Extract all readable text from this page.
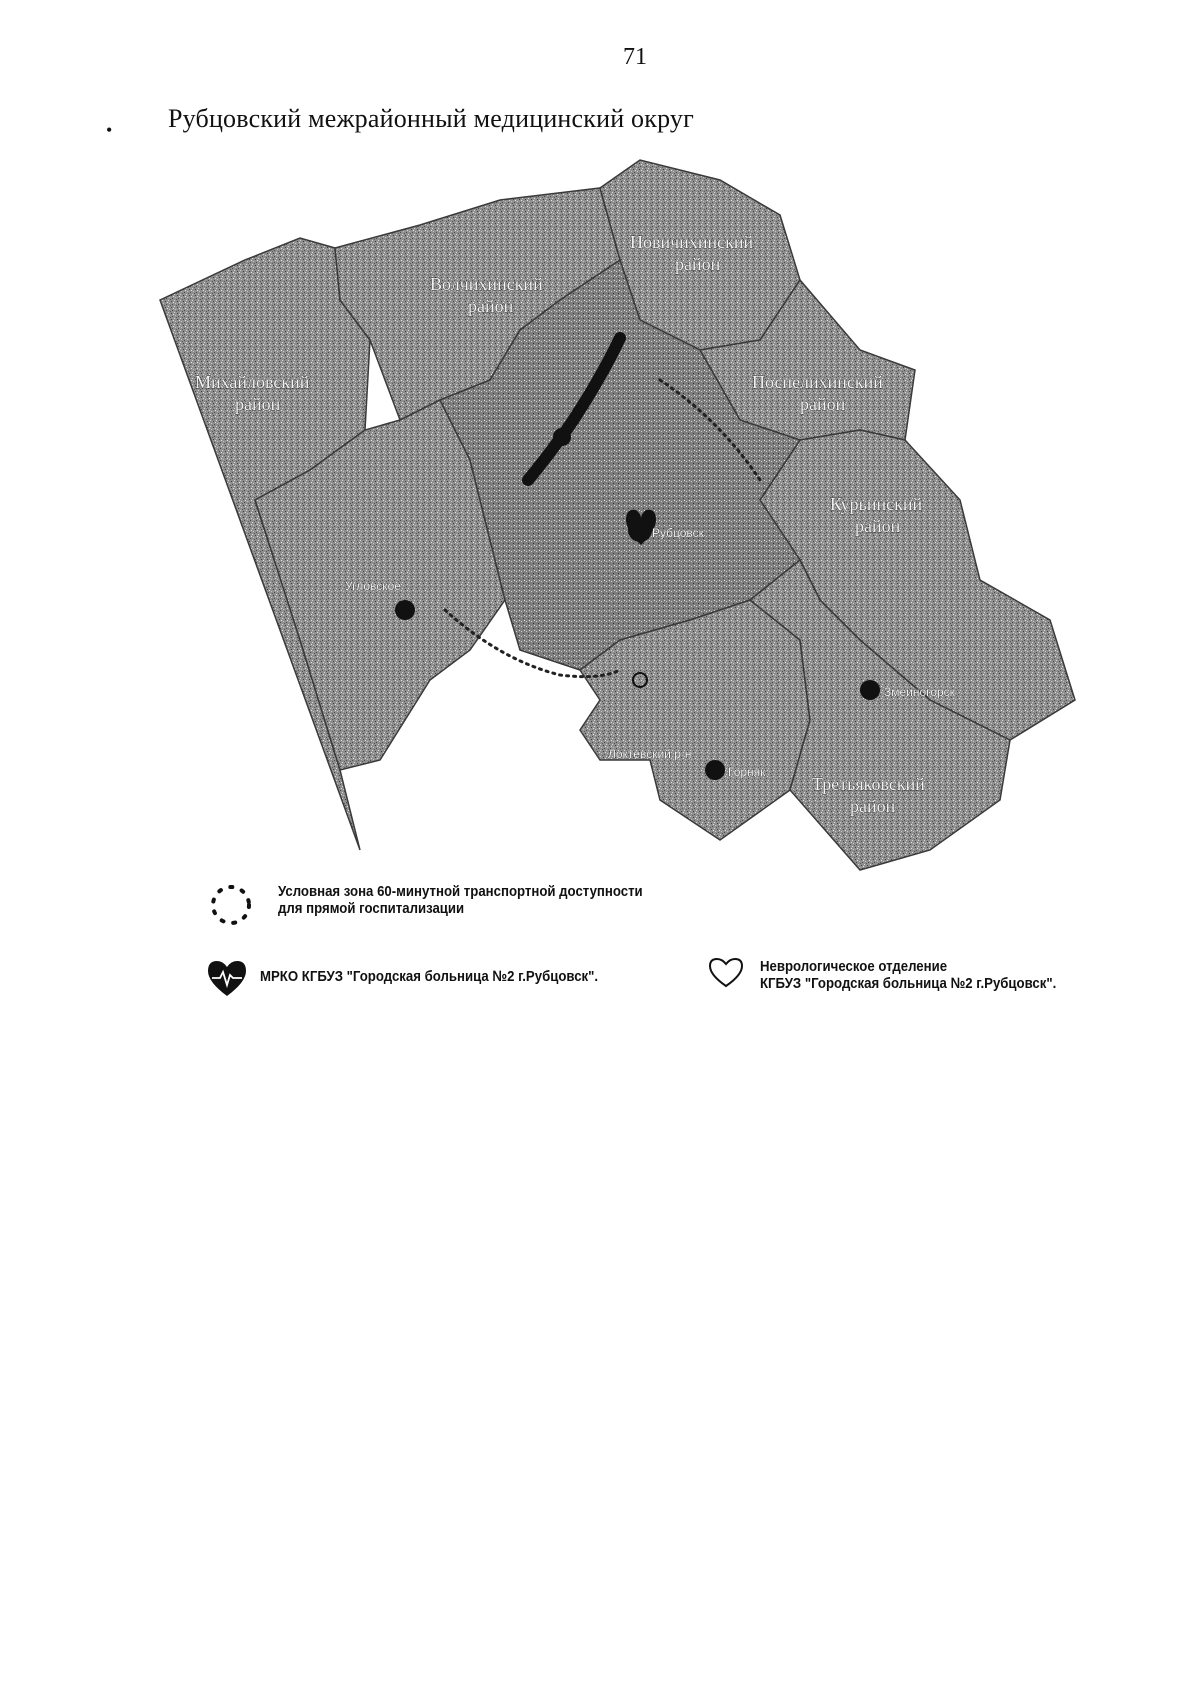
71
• Рубцовский межрайонный медицинский округ
Михайловский район
Волчихинский район
Новичихинский район
Поспелихинский район
Курьинский район
Третьяковский район
Рубцовск
Угловское
Змеиногорск
Горняк
Локтевский р-н
Условная зона 60-минутной транспортной доступности
для прямой госпитализации
МРКО КГБУЗ "Городская больница №2 г.Рубцовск".
Неврологическое отделение
КГБУЗ "Городская больница №2 г.Рубцовск".
